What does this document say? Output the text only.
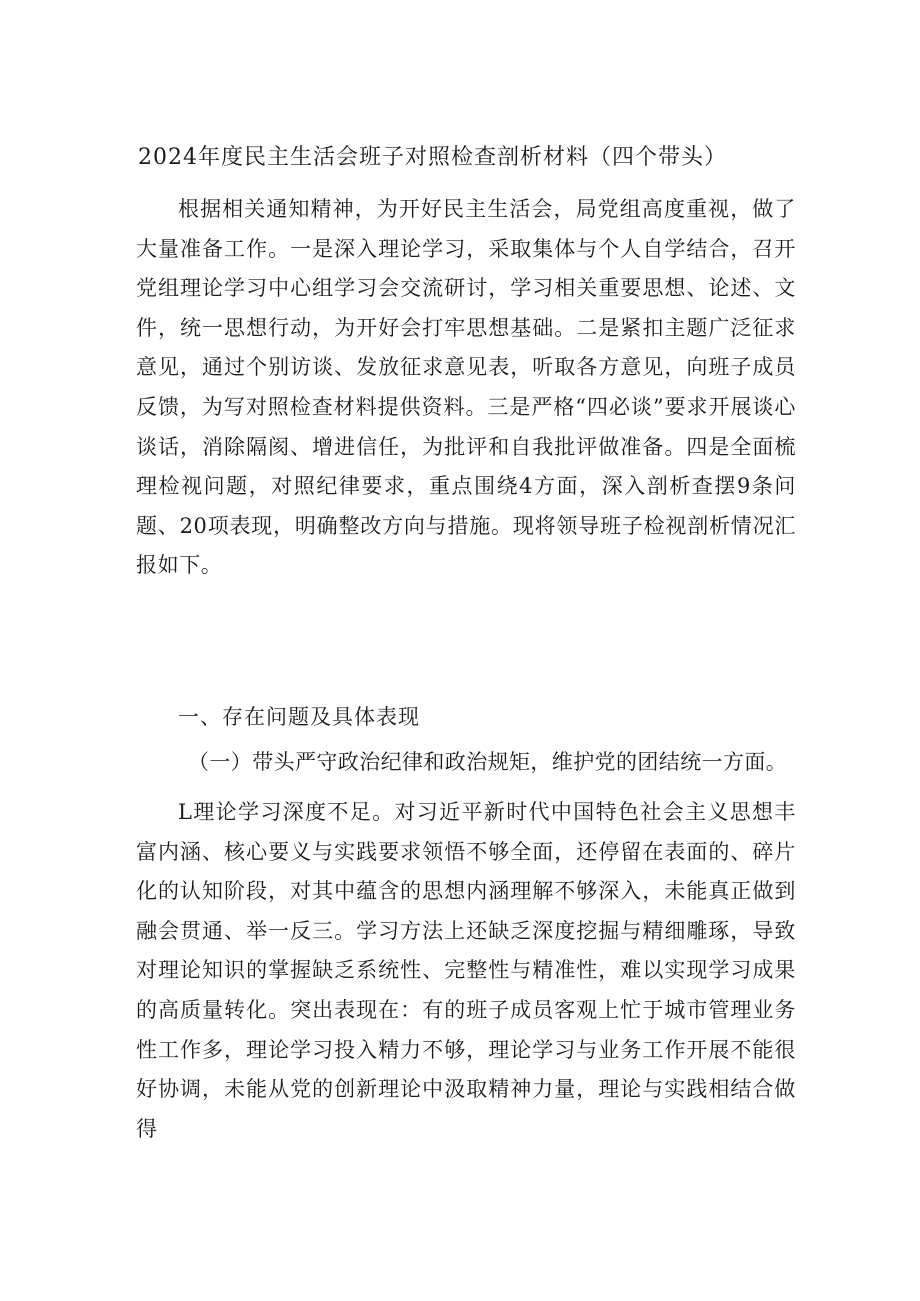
2024年度民主生活会班子对照检查剖析材料（四个带头）
根据相关通知精神，为开好民主生活会，局党组高度重视，做了大量准备工作。一是深入理论学习，采取集体与个人自学结合，召开党组理论学习中心组学习会交流研讨，学习相关重要思想、论述、文件，统一思想行动，为开好会打牢思想基础。二是紧扣主题广泛征求意见，通过个别访谈、发放征求意见表，听取各方意见，向班子成员反馈，为写对照检查材料提供资料。三是严格“四必谈”要求开展谈心谈话，消除隔阂、增进信任，为批评和自我批评做准备。四是全面梳理检视问题，对照纪律要求，重点围绕4方面，深入剖析查摆9条问题、20项表现，明确整改方向与措施。现将领导班子检视剖析情况汇报如下。
一、存在问题及具体表现
（一）带头严守政治纪律和政治规矩，维护党的团结统一方面。
L理论学习深度不足。对习近平新时代中国特色社会主义思想丰富内涵、核心要义与实践要求领悟不够全面，还停留在表面的、碎片化的认知阶段，对其中蕴含的思想内涵理解不够深入，未能真正做到融会贯通、举一反三。学习方法上还缺乏深度挖掘与精细雕琢，导致对理论知识的掌握缺乏系统性、完整性与精准性，难以实现学习成果的高质量转化。突出表现在：有的班子成员客观上忙于城市管理业务性工作多，理论学习投入精力不够，理论学习与业务工作开展不能很好协调，未能从党的创新理论中汲取精神力量，理论与实践相结合做得
